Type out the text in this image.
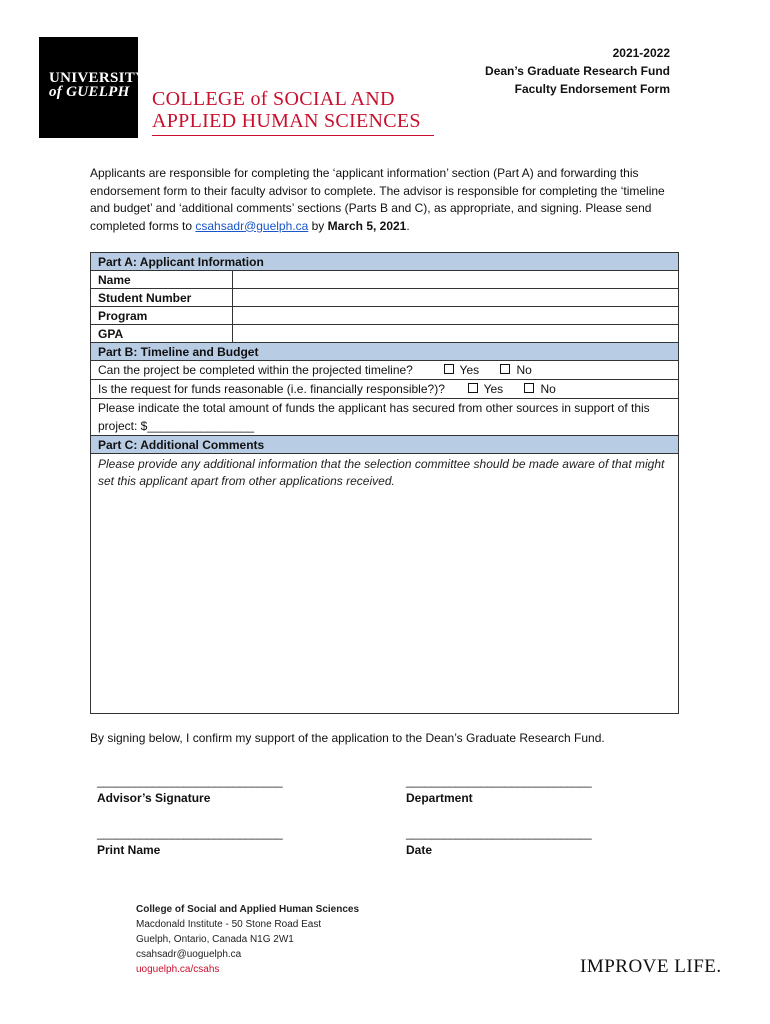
UNIVERSITY
of GUELPH COLLEGE of SOCIAL AND
APPLIED HUMAN SCIENCES
2021-2022
Dean’s Graduate Research Fund
Faculty Endorsement Form
Applicants are responsible for completing the ‘applicant information’ section (Part A) and forwarding this endorsement form to their faculty advisor to complete. The advisor is responsible for completing the ‘timeline and budget’ and ‘additional comments’ sections (Parts B and C), as appropriate, and signing. Please send completed forms to csahsadr@guelph.ca by March 5, 2021.
Part A: Applicant Information
Name
Student Number
Program
GPA
Part B: Timeline and Budget
Can the project be completed within the projected timeline?	Yes	No
Is the request for funds reasonable (i.e. financially responsible?)?	Yes	No
Please indicate the total amount of funds the applicant has secured from other sources in support of this project: $________________
Part C: Additional Comments
Please provide any additional information that the selection committee should be made aware of that might set this applicant apart from other applications received.
By signing below, I confirm my support of the application to the Dean’s Graduate Research Fund.
______________________________
Advisor’s Signature
______________________________
Department
______________________________
Print Name
______________________________
Date
College of Social and Applied Human Sciences
Macdonald Institute - 50 Stone Road East
Guelph, Ontario, Canada N1G 2W1
csahsadr@uoguelph.ca
uoguelph.ca/csahs	IMPROVE LIFE.
